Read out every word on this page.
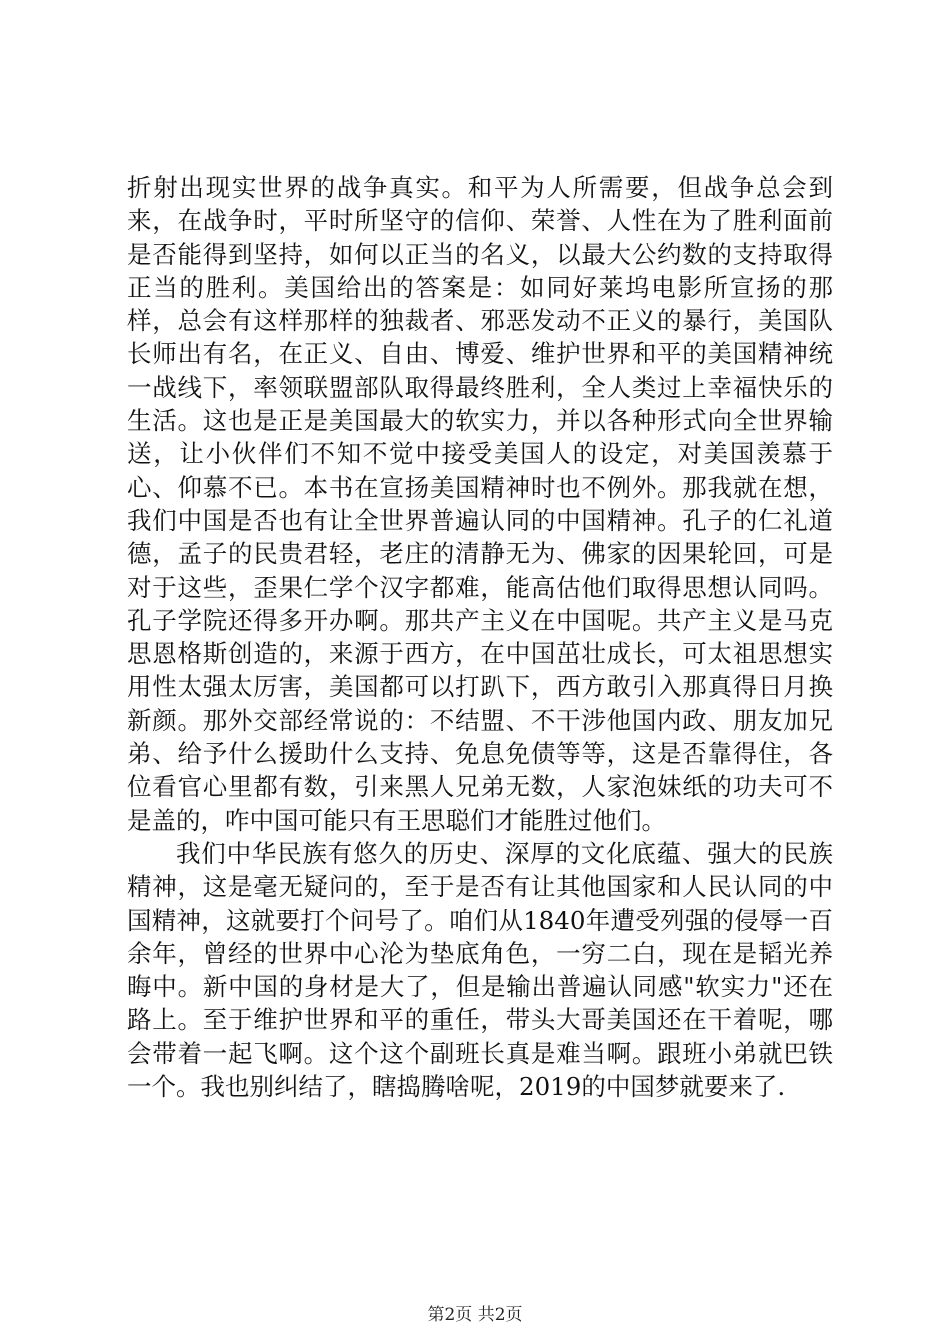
折射出现实世界的战争真实。和平为人所需要，但战争总会到来，在战争时，平时所坚守的信仰、荣誉、人性在为了胜利面前是否能得到坚持，如何以正当的名义，以最大公约数的支持取得正当的胜利。美国给出的答案是：如同好莱坞电影所宣扬的那样，总会有这样那样的独裁者、邪恶发动不正义的暴行，美国队长师出有名，在正义、自由、博爱、维护世界和平的美国精神统一战线下，率领联盟部队取得最终胜利，全人类过上幸福快乐的生活。这也是正是美国最大的软实力，并以各种形式向全世界输送，让小伙伴们不知不觉中接受美国人的设定，对美国羡慕于心、仰慕不已。本书在宣扬美国精神时也不例外。那我就在想，我们中国是否也有让全世界普遍认同的中国精神。孔子的仁礼道德，孟子的民贵君轻，老庄的清静无为、佛家的因果轮回，可是对于这些，歪果仁学个汉字都难，能高估他们取得思想认同吗。孔子学院还得多开办啊。那共产主义在中国呢。共产主义是马克思恩格斯创造的，来源于西方，在中国茁壮成长，可太祖思想实用性太强太厉害，美国都可以打趴下，西方敢引入那真得日月换新颜。那外交部经常说的：不结盟、不干涉他国内政、朋友加兄弟、给予什么援助什么支持、免息免债等等，这是否靠得住，各位看官心里都有数，引来黑人兄弟无数，人家泡妹纸的功夫可不是盖的，咋中国可能只有王思聪们才能胜过他们。

我们中华民族有悠久的历史、深厚的文化底蕴、强大的民族精神，这是毫无疑问的，至于是否有让其他国家和人民认同的中国精神，这就要打个问号了。咱们从1840年遭受列强的侵辱一百余年，曾经的世界中心沦为垫底角色，一穷二白，现在是韬光养晦中。新中国的身材是大了，但是输出普遍认同感"软实力"还在路上。至于维护世界和平的重任，带头大哥美国还在干着呢，哪会带着一起飞啊。这个这个副班长真是难当啊。跟班小弟就巴铁一个。我也别纠结了，瞎捣腾啥呢，2019的中国梦就要来了.

第2页 共2页
